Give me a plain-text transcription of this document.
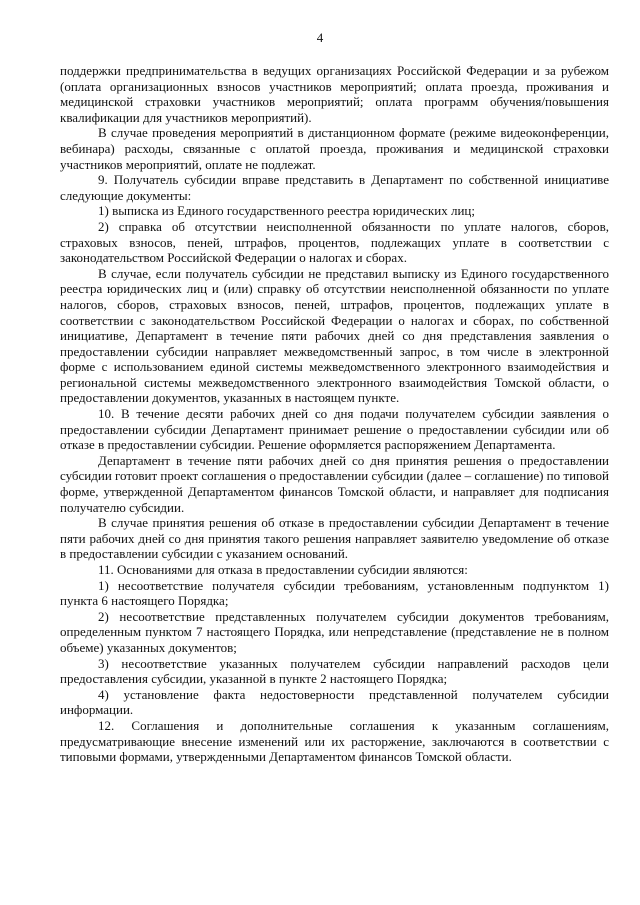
4

поддержки предпринимательства в ведущих организациях Российской Федерации и за рубежом (оплата организационных взносов участников мероприятий; оплата проезда, проживания и медицинской страховки участников мероприятий; оплата программ обучения/повышения квалификации для участников мероприятий).

В случае проведения мероприятий в дистанционном формате (режиме видеоконференции, вебинара) расходы, связанные с оплатой проезда, проживания и медицинской страховки участников мероприятий, оплате не подлежат.

9. Получатель субсидии вправе представить в Департамент по собственной инициативе следующие документы:

1) выписка из Единого государственного реестра юридических лиц;

2) справка об отсутствии неисполненной обязанности по уплате налогов, сборов, страховых взносов, пеней, штрафов, процентов, подлежащих уплате в соответствии с законодательством Российской Федерации о налогах и сборах.

В случае, если получатель субсидии не представил выписку из Единого государственного реестра юридических лиц и (или) справку об отсутствии неисполненной обязанности по уплате налогов, сборов, страховых взносов, пеней, штрафов, процентов, подлежащих уплате в соответствии с законодательством Российской Федерации о налогах и сборах, по собственной инициативе, Департамент в течение пяти рабочих дней со дня представления заявления о предоставлении субсидии направляет межведомственный запрос, в том числе в электронной форме с использованием единой системы межведомственного электронного взаимодействия и региональной системы межведомственного электронного взаимодействия Томской области, о предоставлении документов, указанных в настоящем пункте.

10. В течение десяти рабочих дней со дня подачи получателем субсидии заявления о предоставлении субсидии Департамент принимает решение о предоставлении субсидии или об отказе в предоставлении субсидии. Решение оформляется распоряжением Департамента.

Департамент в течение пяти рабочих дней со дня принятия решения о предоставлении субсидии готовит проект соглашения о предоставлении субсидии (далее – соглашение) по типовой форме, утвержденной Департаментом финансов Томской области, и направляет для подписания получателю субсидии.

В случае принятия решения об отказе в предоставлении субсидии Департамент в течение пяти рабочих дней со дня принятия такого решения направляет заявителю уведомление об отказе в предоставлении субсидии с указанием оснований.

11. Основаниями для отказа в предоставлении субсидии являются:

1) несоответствие получателя субсидии требованиям, установленным подпунктом 1) пункта 6 настоящего Порядка;

2) несоответствие представленных получателем субсидии документов требованиям, определенным пунктом 7 настоящего Порядка, или непредставление (представление не в полном объеме) указанных документов;

3) несоответствие указанных получателем субсидии направлений расходов цели предоставления субсидии, указанной в пункте 2 настоящего Порядка;

4) установление факта недостоверности представленной получателем субсидии информации.

12. Соглашения и дополнительные соглашения к указанным соглашениям, предусматривающие внесение изменений или их расторжение, заключаются в соответствии с типовыми формами, утвержденными Департаментом финансов Томской области.
